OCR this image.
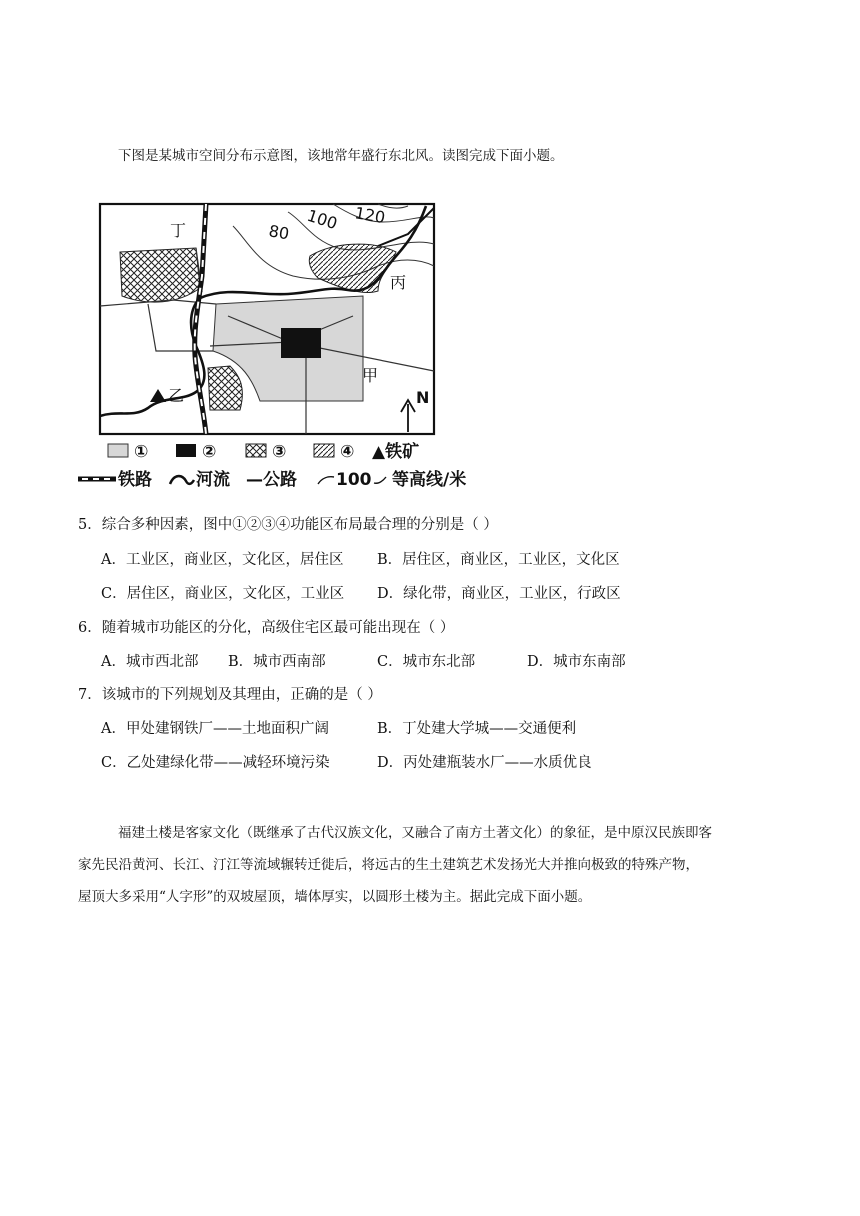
下图是某城市空间分布示意图，该地常年盛行东北风。读图完成下面小题。
丁
乙
甲
丙
80 100 120
N
①	②	③	④ ▲铁矿
铁路	河流 —公路 100 等高线/米
5．综合多种因素，图中①②③④功能区布局最合理的分别是（ ）
A．工业区，商业区，文化区，居住区 B．居住区，商业区，工业区，文化区
C．居住区，商业区，文化区，工业区 D．绿化带，商业区，工业区，行政区
6．随着城市功能区的分化，高级住宅区最可能出现在（ ）
A．城市西北部 B．城市西南部	C．城市东北部	D．城市东南部
7．该城市的下列规划及其理由，正确的是（ ）
A．甲处建钢铁厂——土地面积广阔	B．丁处建大学城——交通便利
C．乙处建绿化带——减轻环境污染	D．丙处建瓶装水厂——水质优良
福建土楼是客家文化（既继承了古代汉族文化，又融合了南方土著文化）的象征，是中原汉民族即客
家先民沿黄河、长江、汀江等流域辗转迁徙后，将远古的生土建筑艺术发扬光大并推向极致的特殊产物，
屋顶大多采用“人字形”的双坡屋顶，墙体厚实，以圆形土楼为主。据此完成下面小题。
